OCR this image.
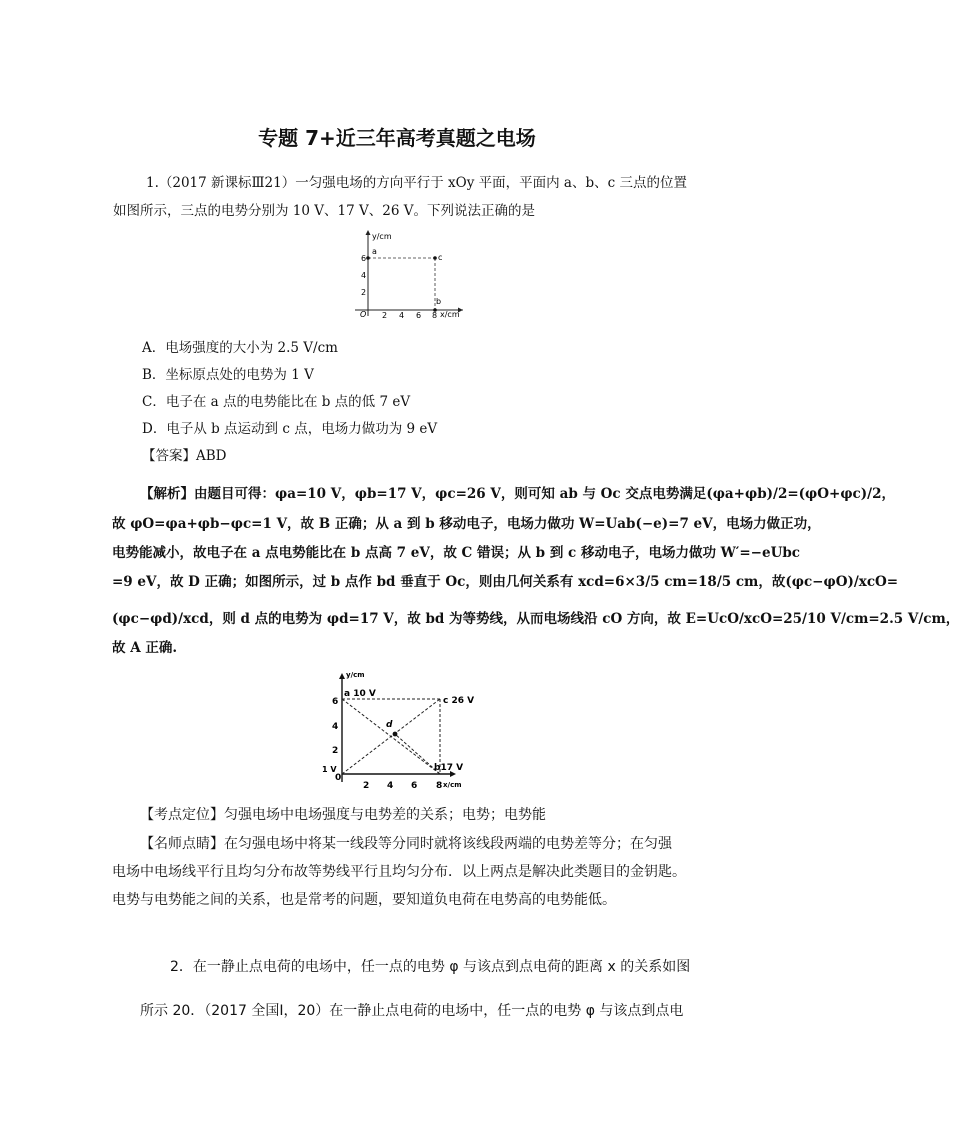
专题 7+近三年高考真题之电场
1.（2017 新课标Ⅲ21）一匀强电场的方向平行于 xOy 平面，平面内 a、b、c 三点的位置
如图所示，三点的电势分别为 10 V、17 V、26 V。下列说法正确的是
y/cm
x/cm
O
2
4
6
2 4 6 8
a
c
b
A．电场强度的大小为 2.5 V/cm
B．坐标原点处的电势为 1 V
C．电子在 a 点的电势能比在 b 点的低 7 eV
D．电子从 b 点运动到 c 点，电场力做功为 9 eV
【答案】ABD
【解析】由题目可得：φa=10 V，φb=17 V，φc=26 V，则可知 ab 与 Oc 交点电势满足(φa+φb)/2=(φO+φc)/2，
故 φO=φa+φb−φc=1 V，故 B 正确；从 a 到 b 移动电子，电场力做功 W=Uab(−e)=7 eV，电场力做正功，
电势能减小，故电子在 a 点电势能比在 b 点高 7 eV，故 C 错误；从 b 到 c 移动电子，电场力做功 W′=−eUbc
=9 eV，故 D 正确；如图所示，过 b 点作 bd 垂直于 Oc，则由几何关系有 xcd=6×3/5 cm=18/5 cm，故(φc−φO)/xcO=
(φc−φd)/xcd，则 d 点的电势为 φd=17 V，故 bd 为等势线，从而电场线沿 cO 方向，故 E=UcO/xcO=25/10 V/cm=2.5 V/cm，
故 A 正确.
y/cm
x/cm
0
2
4
6
2 4 6 8
a 10 V
c 26 V
b17 V
1 V
d
【考点定位】匀强电场中电场强度与电势差的关系；电势；电势能
【名师点睛】在匀强电场中将某一线段等分同时就将该线段两端的电势差等分；在匀强
电场中电场线平行且均匀分布故等势线平行且均匀分布．以上两点是解决此类题目的金钥匙。
电势与电势能之间的关系，也是常考的问题，要知道负电荷在电势高的电势能低。
2．在一静止点电荷的电场中，任一点的电势 φ 与该点到点电荷的距离 x 的关系如图
所示 20．（2017 全国Ⅰ，20）在一静止点电荷的电场中，任一点的电势 φ 与该点到点电
